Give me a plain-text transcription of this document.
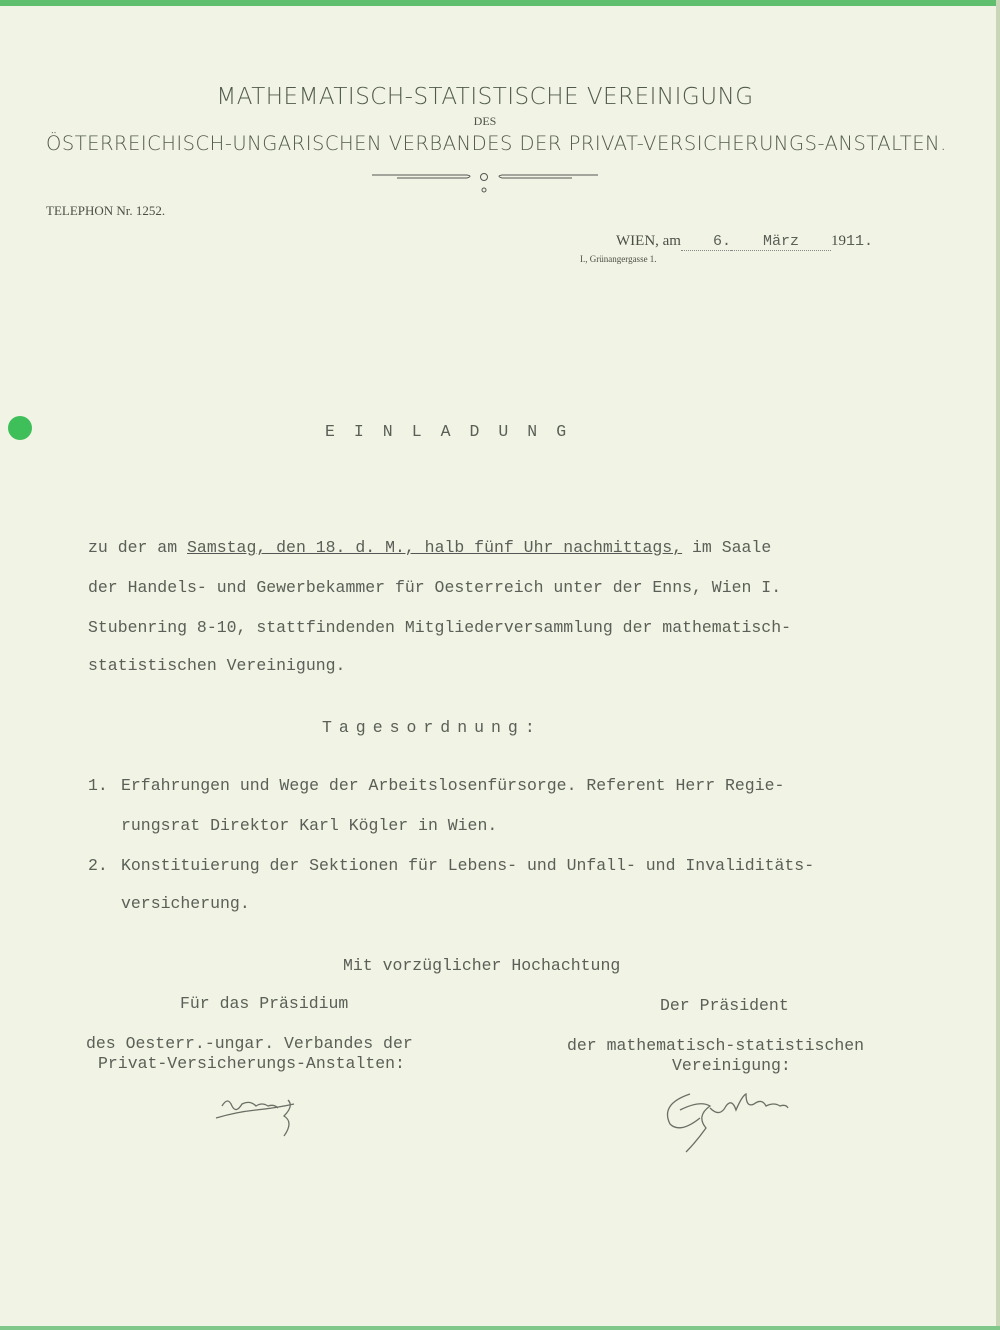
MATHEMATISCH-STATISTISCHE VEREINIGUNG
DES
ÖSTERREICHISCH-UNGARISCHEN VERBANDES DER PRIVAT-VERSICHERUNGS-ANSTALTEN.
TELEPHON Nr. 1252.
WIEN, am 6. März 1911.
I., Grünangergasse 1.
EINLADUNG
zu der am Samstag, den 18. d. M., halb fünf Uhr nachmittags, im Saale
der Handels- und Gewerbekammer für Oesterreich unter der Enns, Wien I.
Stubenring 8-10, stattfindenden Mitgliederversammlung der mathematisch-
statistischen Vereinigung.
Tagesordnung:
1. Erfahrungen und Wege der Arbeitslosenfürsorge. Referent Herr Regie-
rungsrat Direktor Karl Kögler in Wien.
2. Konstituierung der Sektionen für Lebens- und Unfall- und Invaliditäts-
versicherung.
Mit vorzüglicher Hochachtung
Für das Präsidium
des Oesterr.-ungar. Verbandes der
Privat-Versicherungs-Anstalten:
Der Präsident
der mathematisch-statistischen
Vereinigung:
